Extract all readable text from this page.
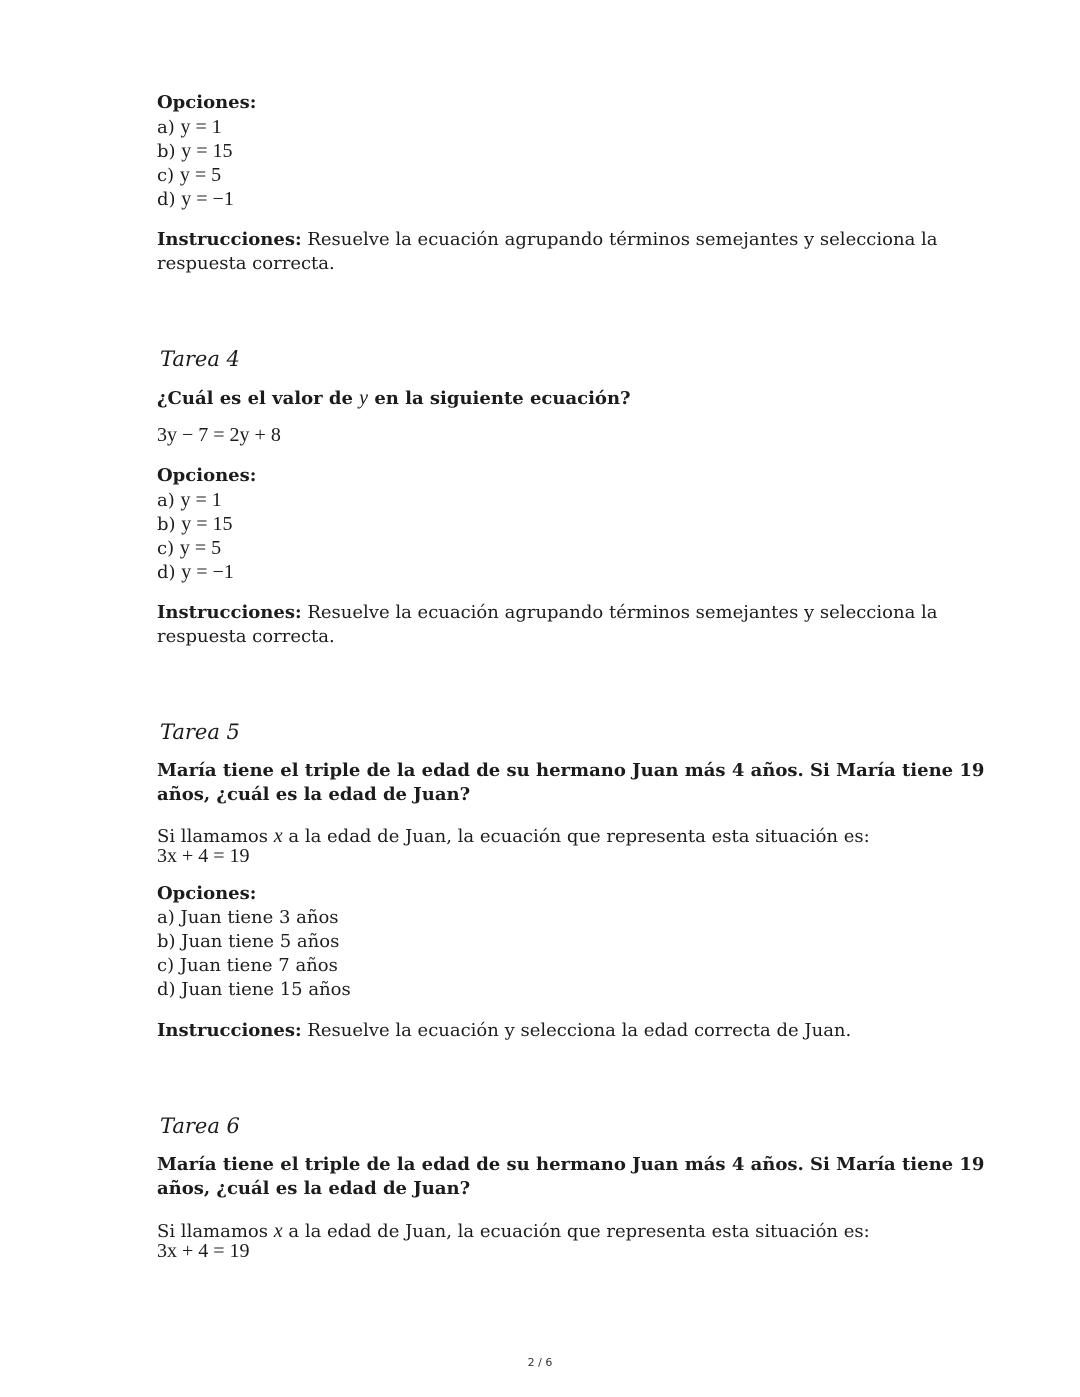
Opciones:
a) y = 1
b) y = 15
c) y = 5
d) y = −1
Instrucciones: Resuelve la ecuación agrupando términos semejantes y selecciona la
respuesta correcta.
Tarea 4
¿Cuál es el valor de y en la siguiente ecuación?
3y − 7 = 2y + 8
Opciones:
a) y = 1
b) y = 15
c) y = 5
d) y = −1
Instrucciones: Resuelve la ecuación agrupando términos semejantes y selecciona la
respuesta correcta.
Tarea 5
María tiene el triple de la edad de su hermano Juan más 4 años. Si María tiene 19
años, ¿cuál es la edad de Juan?
Si llamamos x a la edad de Juan, la ecuación que representa esta situación es:
3x + 4 = 19
Opciones:
a) Juan tiene 3 años
b) Juan tiene 5 años
c) Juan tiene 7 años
d) Juan tiene 15 años
Instrucciones: Resuelve la ecuación y selecciona la edad correcta de Juan.
Tarea 6
María tiene el triple de la edad de su hermano Juan más 4 años. Si María tiene 19
años, ¿cuál es la edad de Juan?
Si llamamos x a la edad de Juan, la ecuación que representa esta situación es:
3x + 4 = 19
2 / 6
